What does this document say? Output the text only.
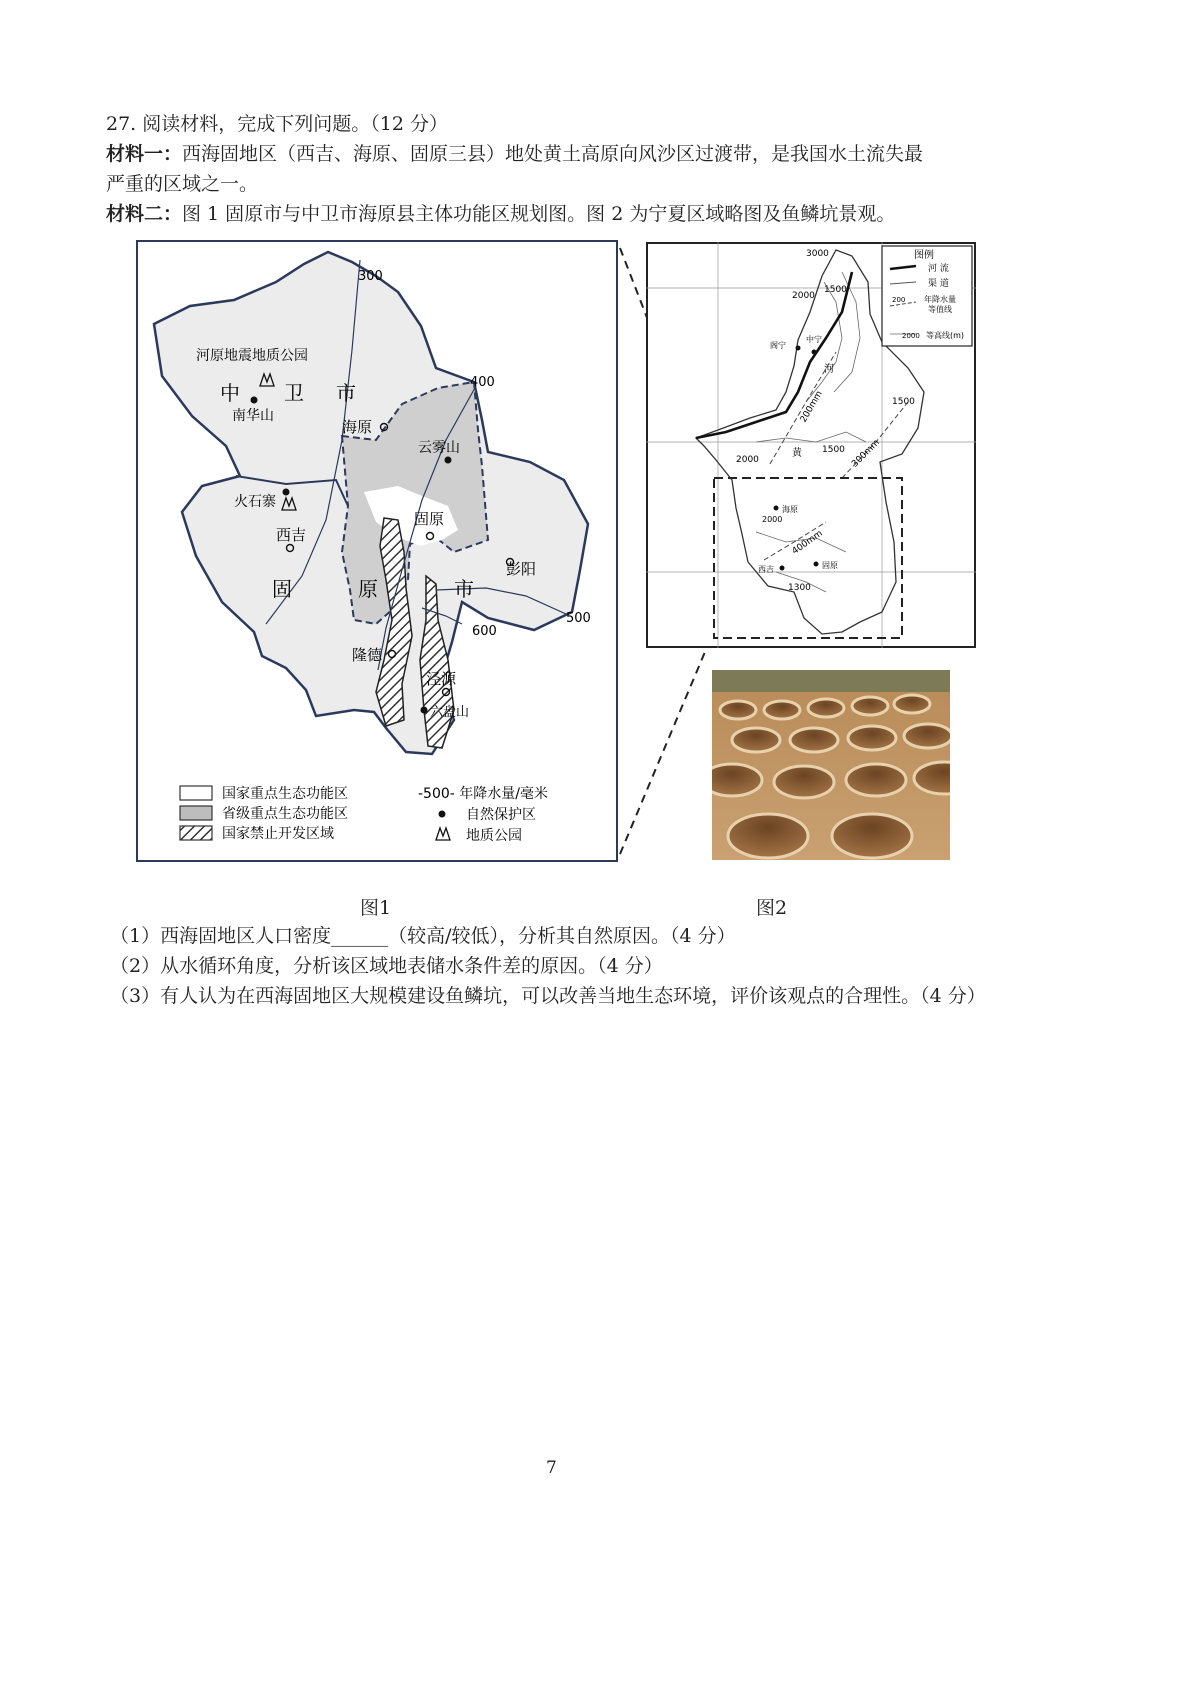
27. 阅读材料，完成下列问题。（12 分）
材料一：西海固地区（西吉、海原、固原三县）地处黄土高原向风沙区过渡带，是我国水土流失最
严重的区域之一。
材料二：图 1 固原市与中卫市海原县主体功能区规划图。图 2 为宁夏区域略图及鱼鳞坑景观。
河原地震地质公园
300
中 卫 市
南华山
400
海原
云雾山
火石寨
西吉
固原
彭阳
固	原	市
500
600
隆德
泾源
六盘山
国家重点生态功能区
省级重点生态功能区
国家禁止开发区域
-500- 年降水量/毫米
自然保护区
地质公园
图例
河 流
渠 道
200 年降水量
等值线
2000 等高线(m)
3000
2000
1500
阁宁
中宁
河
黄
200mm
300mm
1500
1500
2000
2000
海原
400mm
西吉	固原
1300
图1	图2
（1）西海固地区人口密度______（较高/较低），分析其自然原因。（4 分）
（2）从水循环角度，分析该区域地表储水条件差的原因。（4 分）
（3）有人认为在西海固地区大规模建设鱼鳞坑，可以改善当地生态环境，评价该观点的合理性。（4 分）
7
